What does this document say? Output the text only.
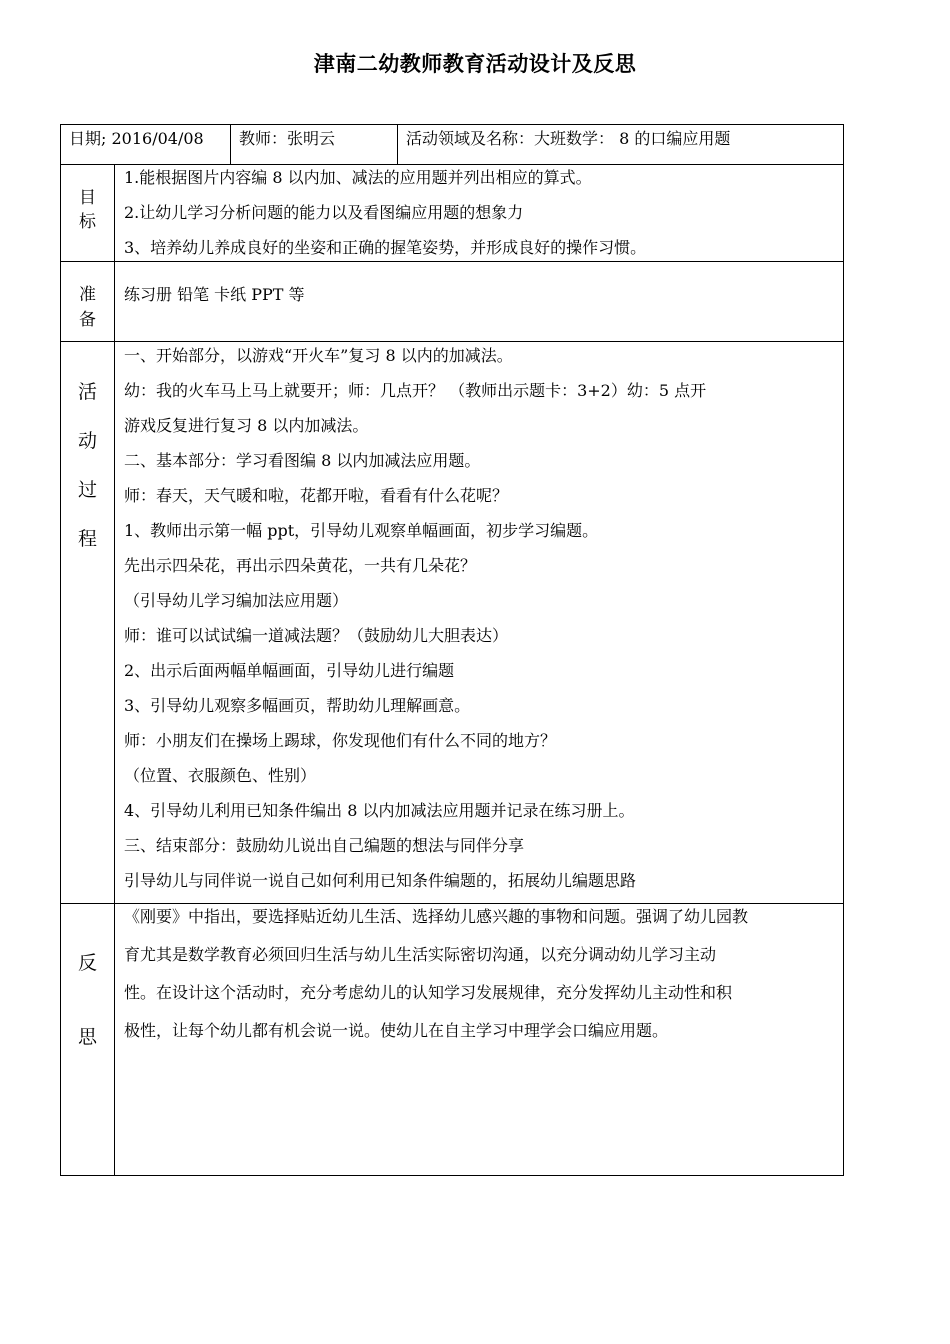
津南二幼教师教育活动设计及反思
日期; 2016/04/08	教师：张明云	活动领域及名称：大班数学： 8 的口编应用题
目
标
1.能根据图片内容编 8 以内加、减法的应用题并列出相应的算式。
2.让幼儿学习分析问题的能力以及看图编应用题的想象力
3、培养幼儿养成良好的坐姿和正确的握笔姿势，并形成良好的操作习惯。
准
备
练习册 铅笔 卡纸 PPT 等
活
动
过
程
一、开始部分，以游戏“开火车”复习 8 以内的加减法。
幼：我的火车马上马上就要开；师：几点开？ （教师出示题卡：3+2）幼：5 点开
游戏反复进行复习 8 以内加减法。
二、基本部分：学习看图编 8 以内加减法应用题。
师：春天，天气暖和啦，花都开啦，看看有什么花呢？
1、教师出示第一幅 ppt，引导幼儿观察单幅画面，初步学习编题。
先出示四朵花，再出示四朵黄花，一共有几朵花？
（引导幼儿学习编加法应用题）
师：谁可以试试编一道减法题？（鼓励幼儿大胆表达）
2、出示后面两幅单幅画面，引导幼儿进行编题
3、引导幼儿观察多幅画页，帮助幼儿理解画意。
师：小朋友们在操场上踢球，你发现他们有什么不同的地方？
（位置、衣服颜色、性别）
4、引导幼儿利用已知条件编出 8 以内加减法应用题并记录在练习册上。
三、结束部分：鼓励幼儿说出自己编题的想法与同伴分享
引导幼儿与同伴说一说自己如何利用已知条件编题的，拓展幼儿编题思路
反
思
《刚要》中指出，要选择贴近幼儿生活、选择幼儿感兴趣的事物和问题。强调了幼儿园教
育尤其是数学教育必须回归生活与幼儿生活实际密切沟通，以充分调动幼儿学习主动
性。在设计这个活动时，充分考虑幼儿的认知学习发展规律，充分发挥幼儿主动性和积
极性，让每个幼儿都有机会说一说。使幼儿在自主学习中理学会口编应用题。
